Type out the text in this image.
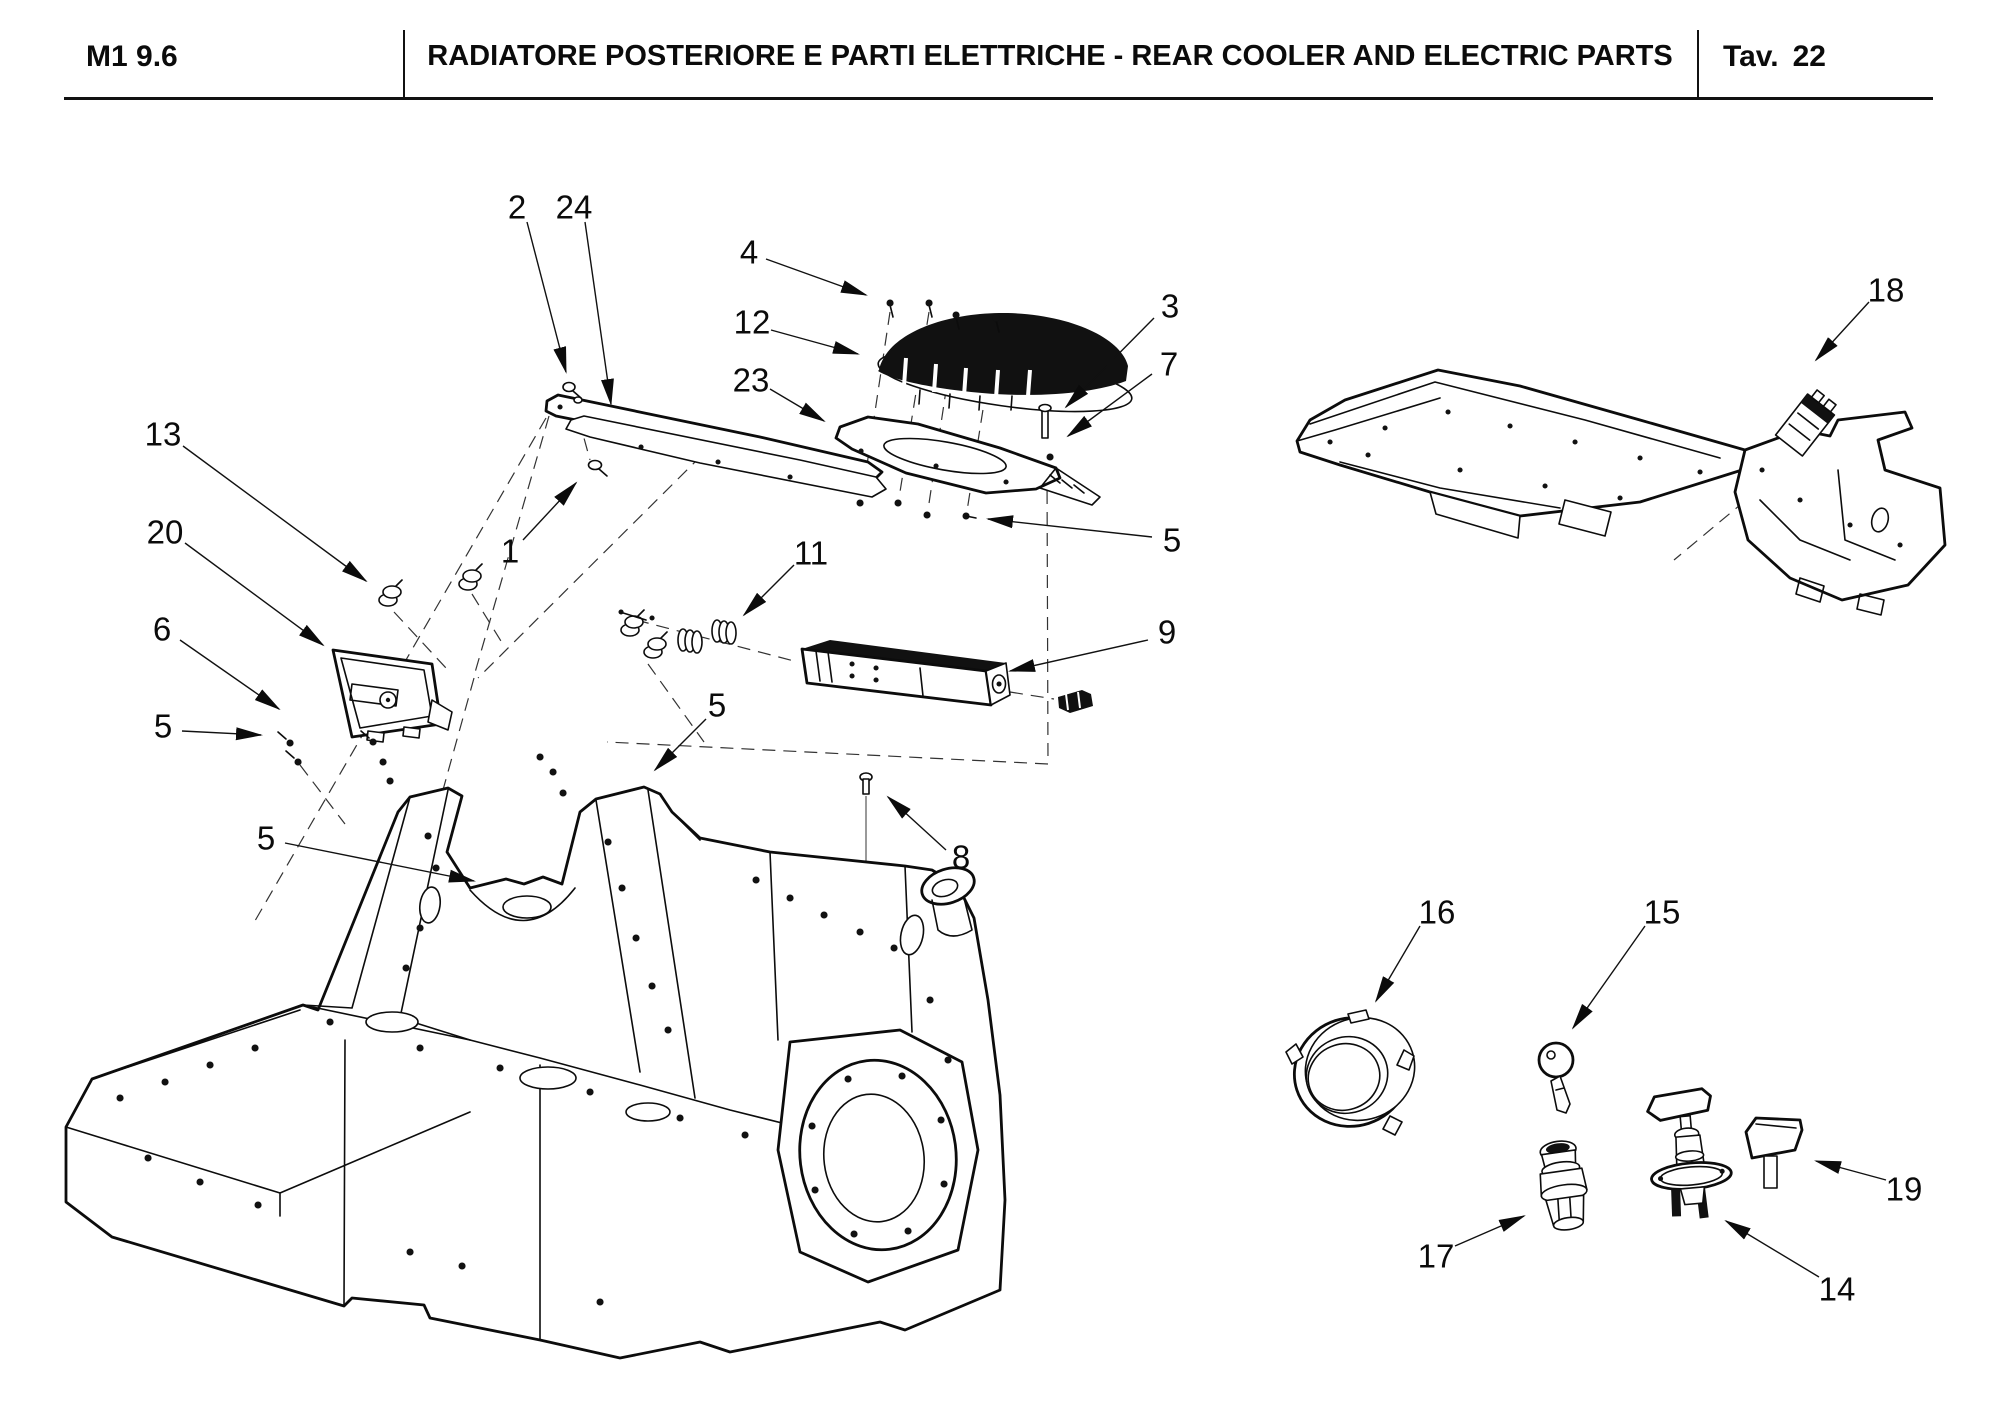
M1 9.6	RADIATORE POSTERIORE E PARTI ELETTRICHE - REAR COOLER AND ELECTRIC PARTS	Tav. 22
2 24
4
12
23
3
7
18
13
20
6
5
1	11
5
5
9
8
5
16	15
17
14
19
